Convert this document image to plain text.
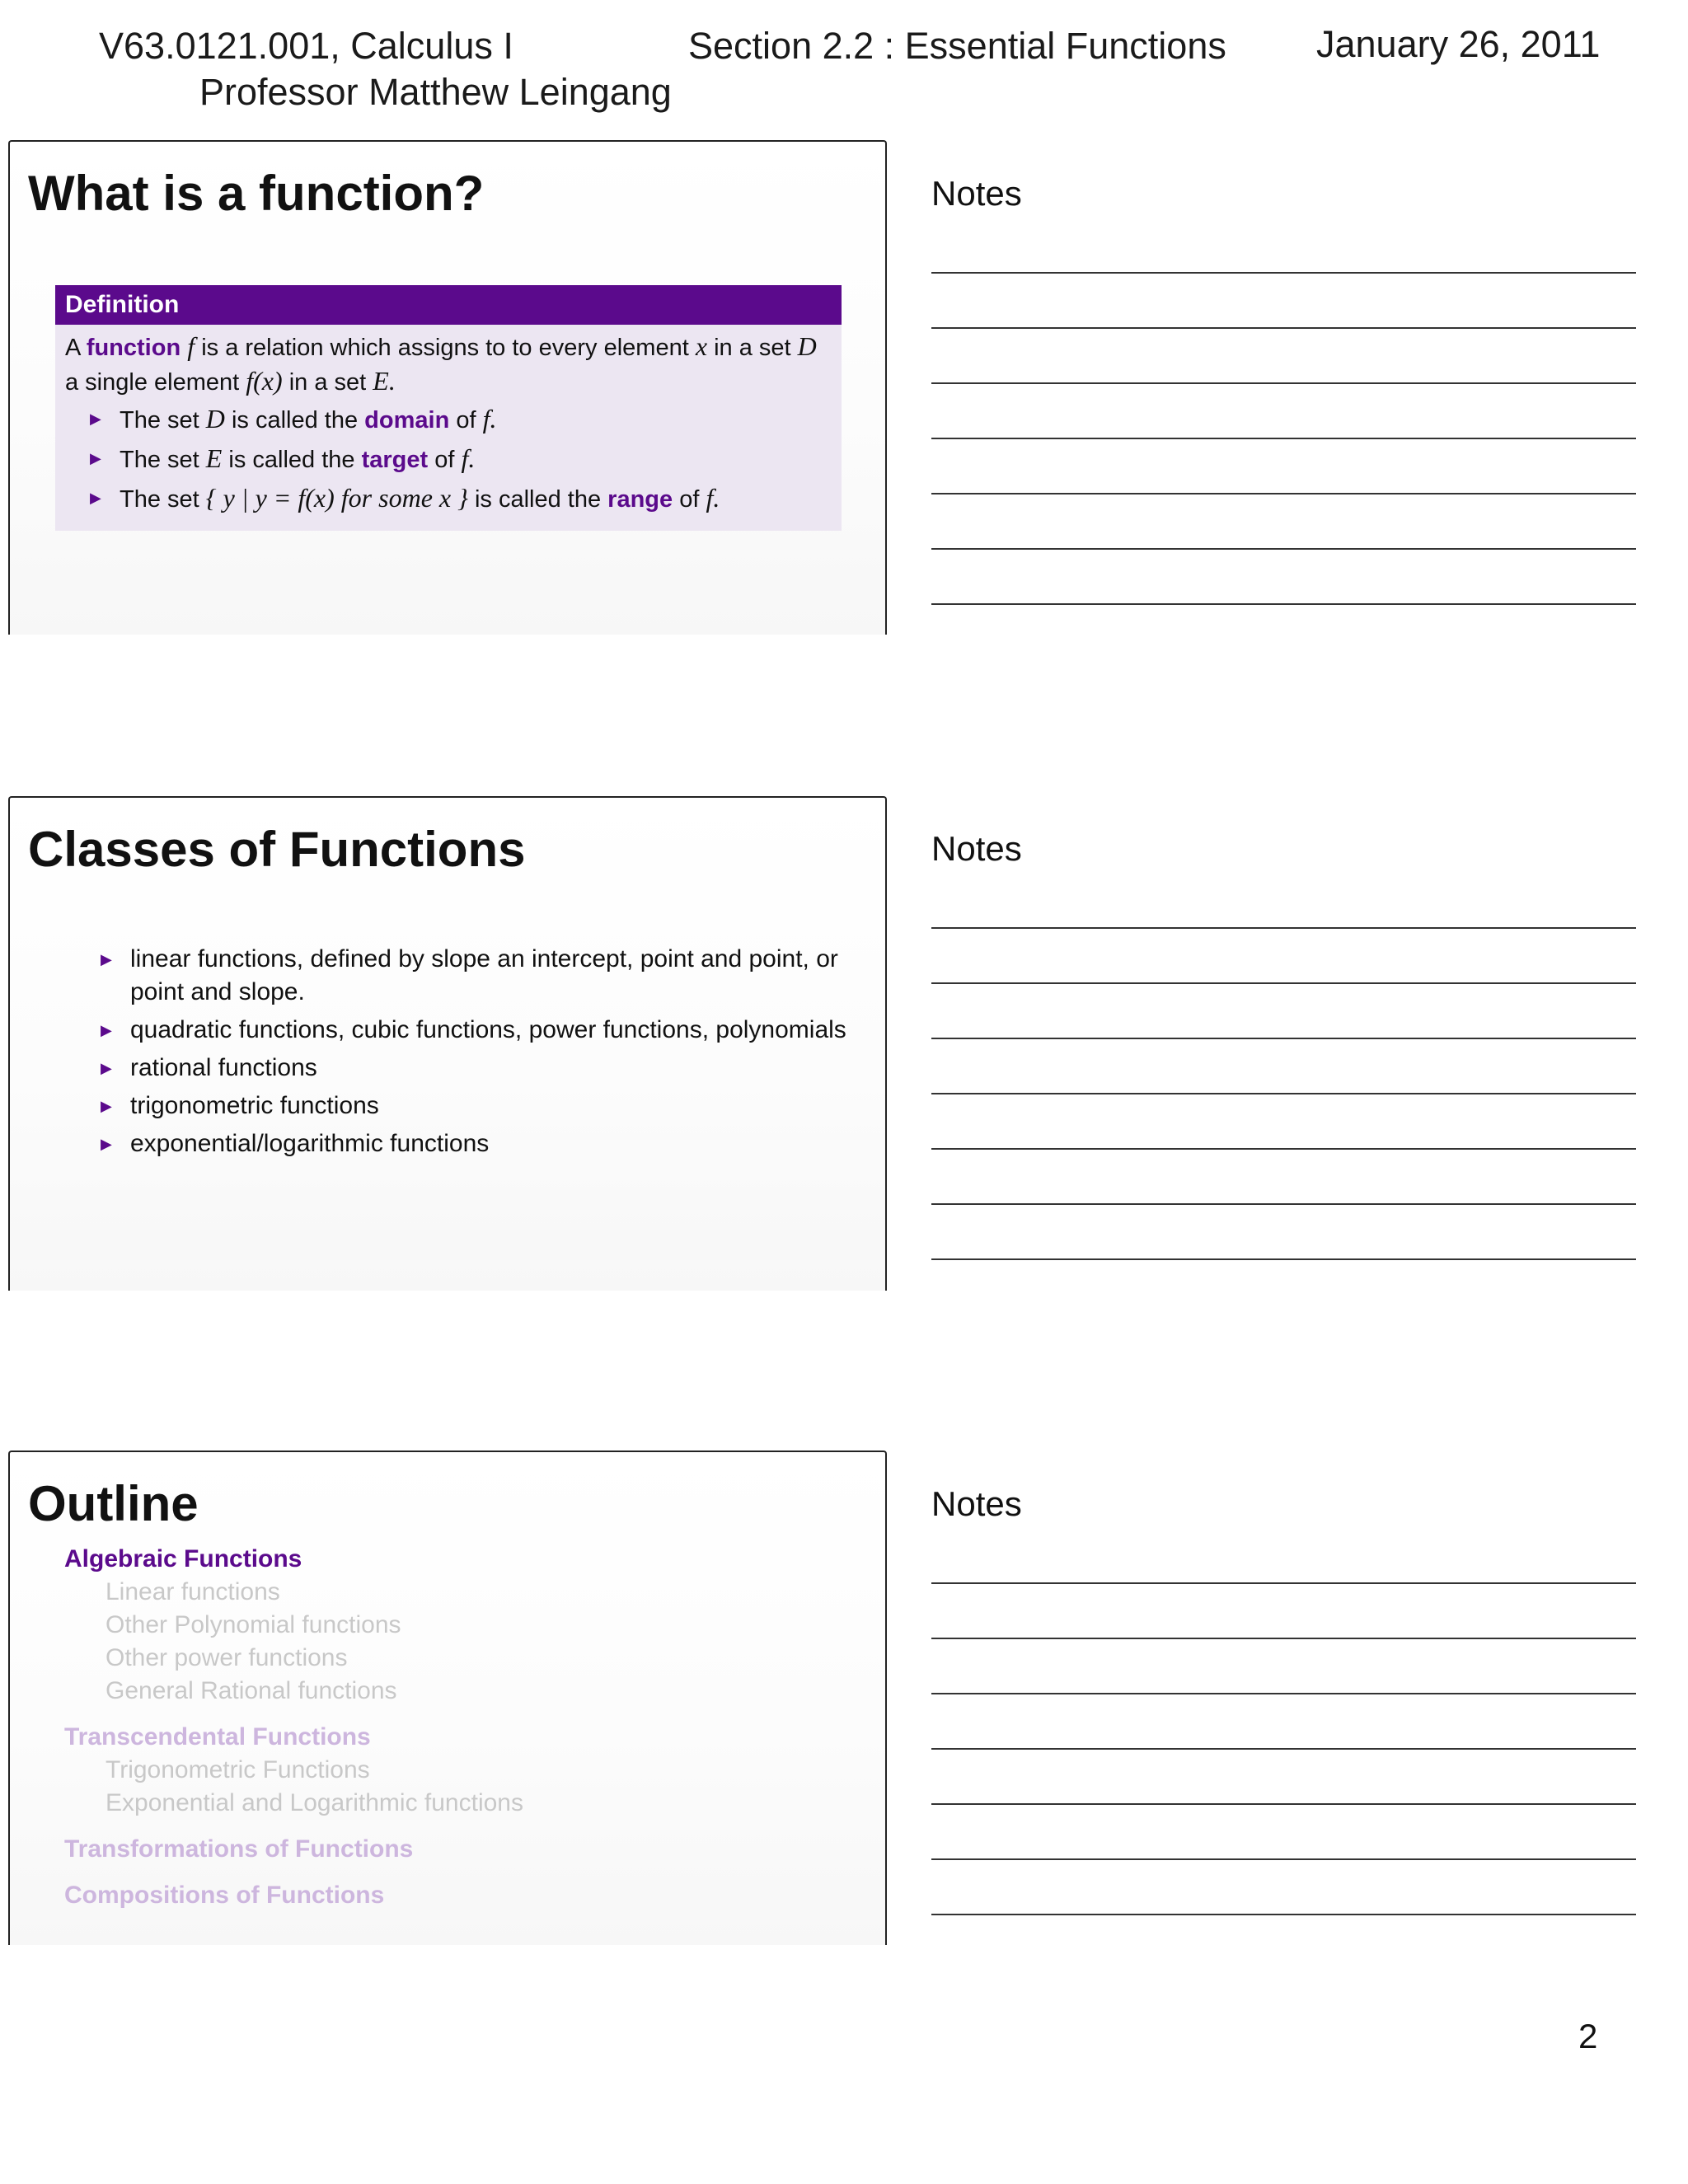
V63.0121.001, Calculus I
Professor Matthew Leingang
Section 2.2 : Essential Functions January 26, 2011
What is a function?
Definition
A function f is a relation which assigns to to every element x in a set D a single element f(x) in a set E.
▶ The set D is called the domain of f.
▶ The set E is called the target of f.
▶ The set { y | y = f(x) for some x } is called the range of f.
Notes
Classes of Functions
▶ linear functions, defined by slope an intercept, point and point, or point and slope.
▶ quadratic functions, cubic functions, power functions, polynomials
▶ rational functions
▶ trigonometric functions
▶ exponential/logarithmic functions
Notes
Outline
Algebraic Functions
Linear functions
Other Polynomial functions
Other power functions
General Rational functions
Transcendental Functions
Trigonometric Functions
Exponential and Logarithmic functions
Transformations of Functions
Compositions of Functions
Notes
2
